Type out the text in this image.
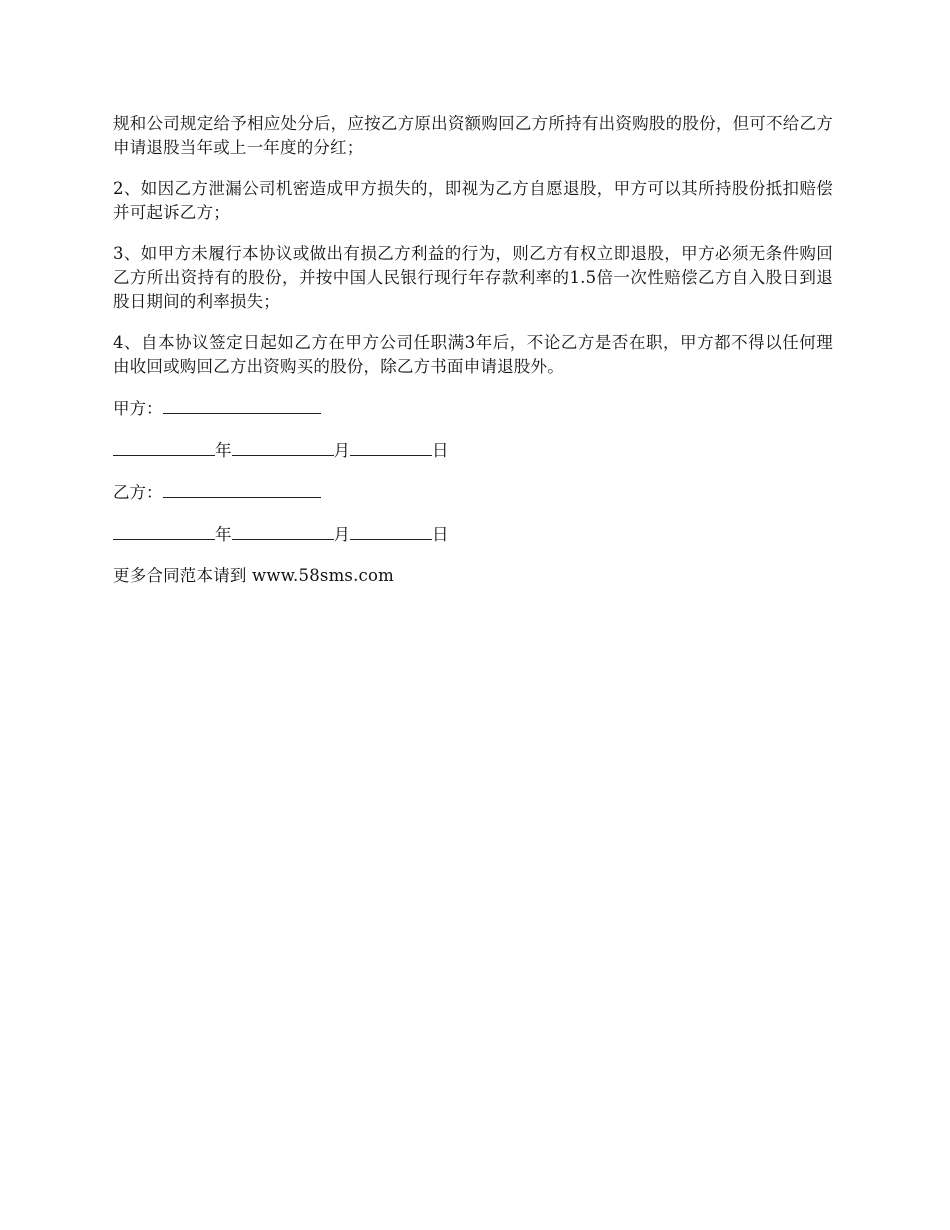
规和公司规定给予相应处分后，应按乙方原出资额购回乙方所持有出资购股的股份，但可不给乙方申请退股当年或上一年度的分红；

2、如因乙方泄漏公司机密造成甲方损失的，即视为乙方自愿退股，甲方可以其所持股份抵扣赔偿并可起诉乙方；

3、如甲方未履行本协议或做出有损乙方利益的行为，则乙方有权立即退股，甲方必须无条件购回乙方所出资持有的股份，并按中国人民银行现行年存款利率的1.5倍一次性赔偿乙方自入股日到退股日期间的利率损失；

4、自本协议签定日起如乙方在甲方公司任职满3年后，不论乙方是否在职，甲方都不得以任何理由收回或购回乙方出资购买的股份，除乙方书面申请退股外。

甲方：
年	月	日
乙方：
年	月	日

更多合同范本请到 www.58sms.com
